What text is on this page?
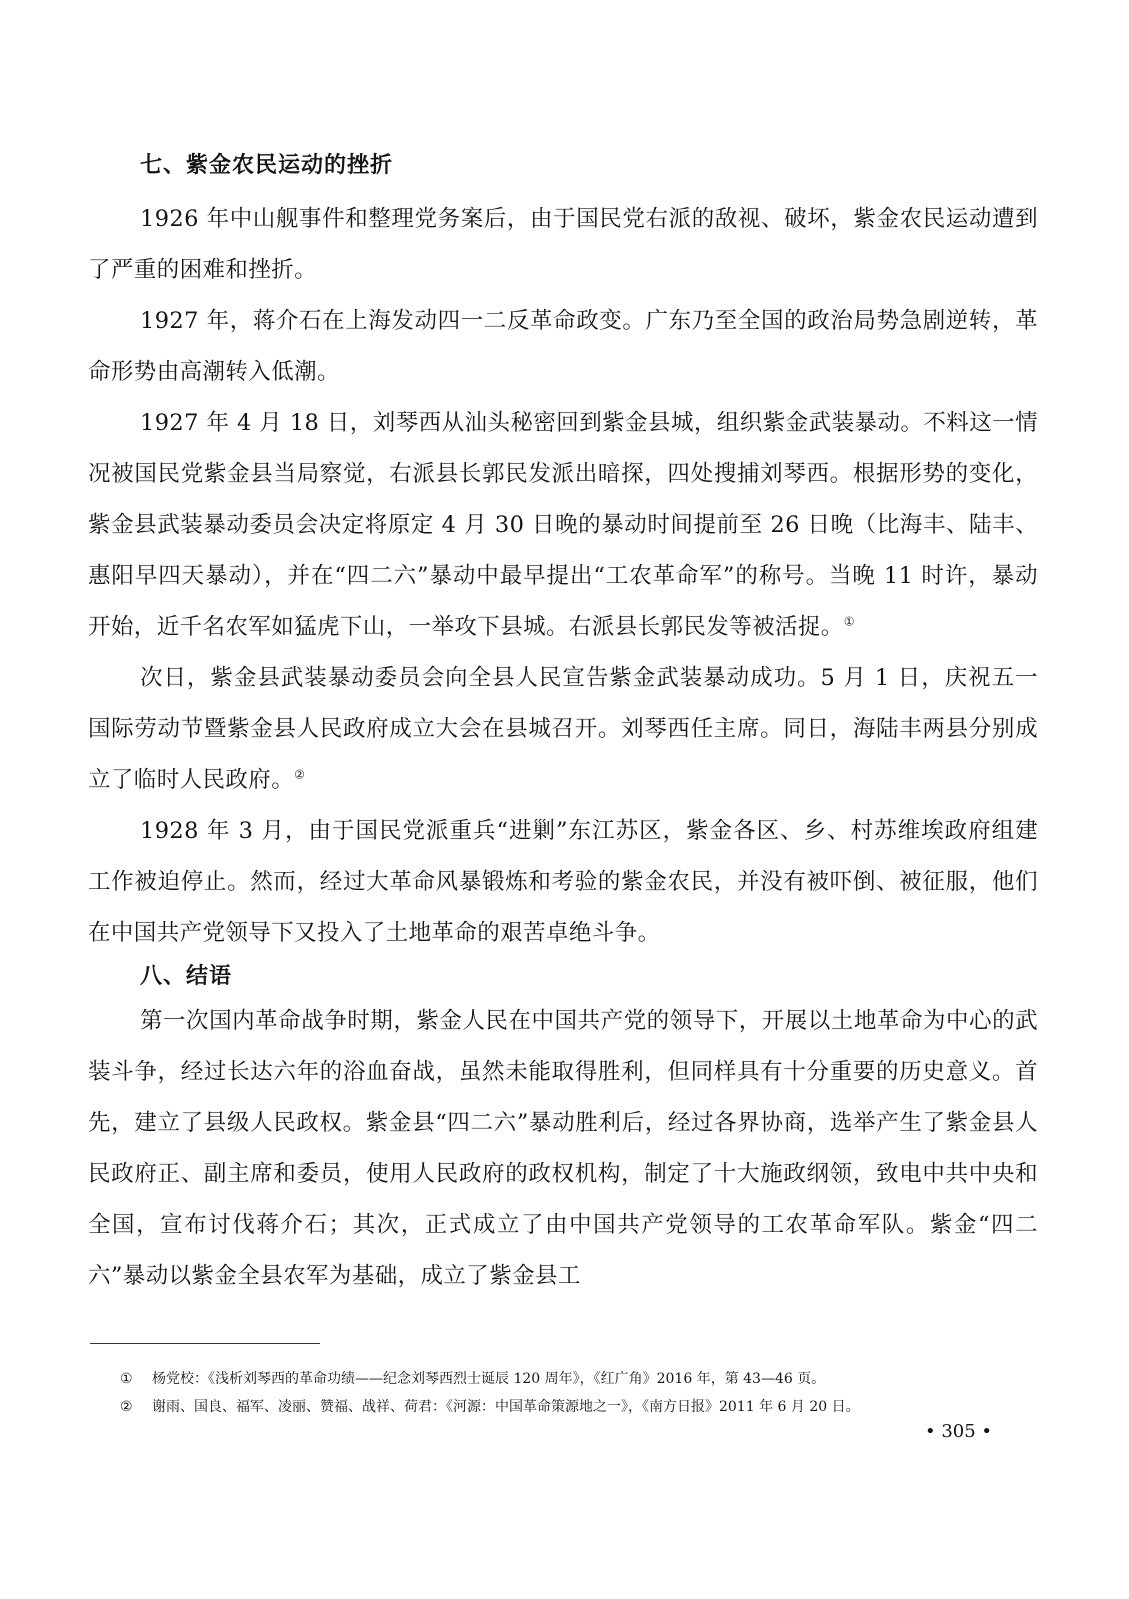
七、紫金农民运动的挫折

1926 年中山舰事件和整理党务案后，由于国民党右派的敌视、破坏，紫金农民运动遭到了严重的困难和挫折。

1927 年，蒋介石在上海发动四一二反革命政变。广东乃至全国的政治局势急剧逆转，革命形势由高潮转入低潮。

1927 年 4 月 18 日，刘琴西从汕头秘密回到紫金县城，组织紫金武装暴动。不料这一情况被国民党紫金县当局察觉，右派县长郭民发派出暗探，四处搜捕刘琴西。根据形势的变化，紫金县武装暴动委员会决定将原定 4 月 30 日晚的暴动时间提前至 26 日晚（比海丰、陆丰、惠阳早四天暴动），并在“四二六”暴动中最早提出“工农革命军”的称号。当晚 11 时许，暴动开始，近千名农军如猛虎下山，一举攻下县城。右派县长郭民发等被活捉。①

次日，紫金县武装暴动委员会向全县人民宣告紫金武装暴动成功。5 月 1 日，庆祝五一国际劳动节暨紫金县人民政府成立大会在县城召开。刘琴西任主席。同日，海陆丰两县分别成立了临时人民政府。②

1928 年 3 月，由于国民党派重兵“进剿”东江苏区，紫金各区、乡、村苏维埃政府组建工作被迫停止。然而，经过大革命风暴锻炼和考验的紫金农民，并没有被吓倒、被征服，他们在中国共产党领导下又投入了土地革命的艰苦卓绝斗争。

八、结语

第一次国内革命战争时期，紫金人民在中国共产党的领导下，开展以土地革命为中心的武装斗争，经过长达六年的浴血奋战，虽然未能取得胜利，但同样具有十分重要的历史意义。首先，建立了县级人民政权。紫金县“四二六”暴动胜利后，经过各界协商，选举产生了紫金县人民政府正、副主席和委员，使用人民政府的政权机构，制定了十大施政纲领，致电中共中央和全国，宣布讨伐蒋介石；其次，正式成立了由中国共产党领导的工农革命军队。紫金“四二六”暴动以紫金全县农军为基础，成立了紫金县工

① 杨党校：《浅析刘琴西的革命功绩——纪念刘琴西烈士诞辰 120 周年》，《红广角》2016 年，第 43—46 页。

② 谢雨、国良、福军、凌丽、赞福、战祥、荷君：《河源：中国革命策源地之一》，《南方日报》2011 年 6 月 20 日。

• 305 •
